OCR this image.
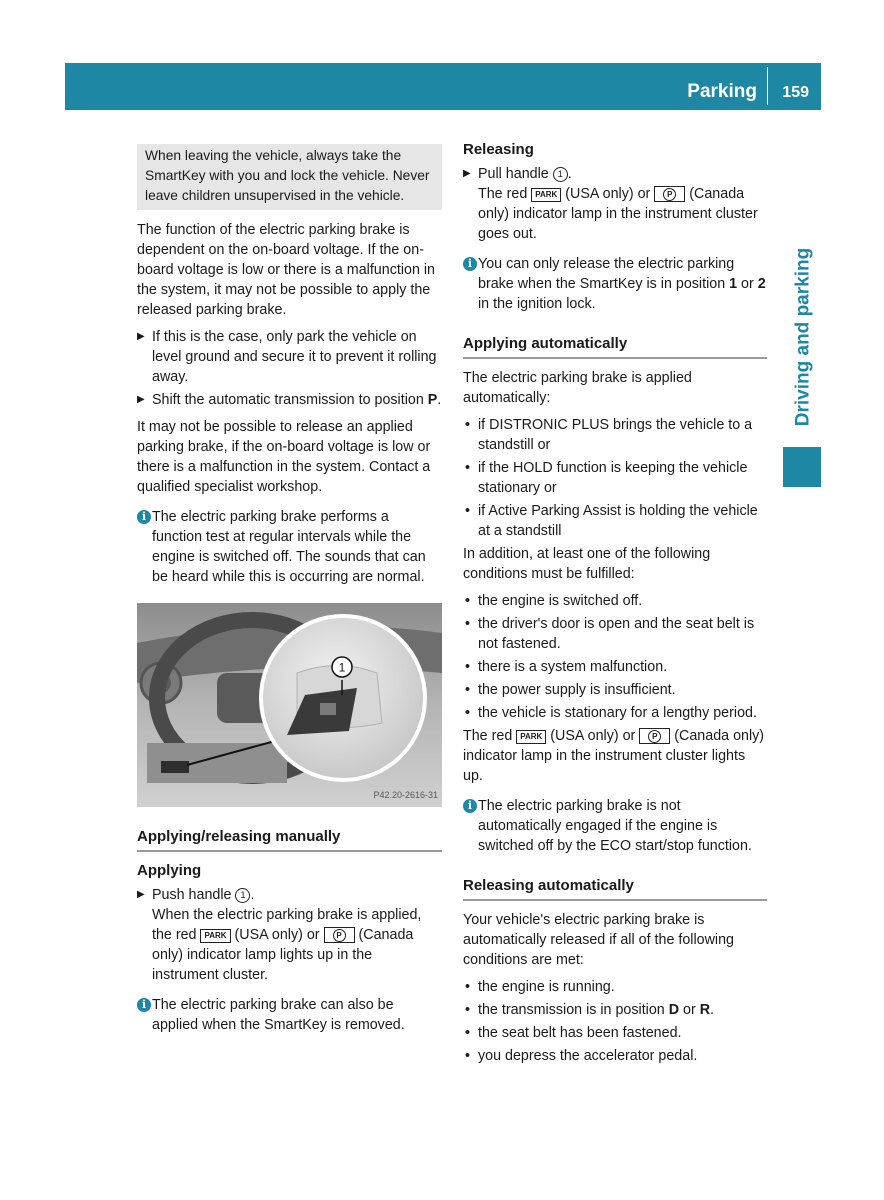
Parking 159
Driving and parking
When leaving the vehicle, always take the SmartKey with you and lock the vehicle. Never leave children unsupervised in the vehicle.

The function of the electric parking brake is dependent on the on-board voltage. If the on-board voltage is low or there is a malfunction in the system, it may not be possible to apply the released parking brake.

▶ If this is the case, only park the vehicle on level ground and secure it to prevent it rolling away.
▶ Shift the automatic transmission to position P.

It may not be possible to release an applied parking brake, if the on-board voltage is low or there is a malfunction in the system. Contact a qualified specialist workshop.

i The electric parking brake performs a function test at regular intervals while the engine is switched off. The sounds that can be heard while this is occurring are normal.
1
P42.20-2616-31
Applying/releasing manually
Applying
▶ Push handle 1 .
When the electric parking brake is applied, the red PARK (USA only) or P (Canada only) indicator lamp lights up in the instrument cluster.
i The electric parking brake can also be applied when the SmartKey is removed.
Releasing
▶ Pull handle 1 .
The red PARK (USA only) or P (Canada only) indicator lamp in the instrument cluster goes out.
i You can only release the electric parking brake when the SmartKey is in position 1 or 2 in the ignition lock.
Applying automatically

The electric parking brake is applied automatically:

• if DISTRONIC PLUS brings the vehicle to a standstill or
• if the HOLD function is keeping the vehicle stationary or
• if Active Parking Assist is holding the vehicle at a standstill

In addition, at least one of the following conditions must be fulfilled:

• the engine is switched off.
• the driver's door is open and the seat belt is not fastened.
• there is a system malfunction.
• the power supply is insufficient.
• the vehicle is stationary for a lengthy period.

The red PARK (USA only) or P (Canada only) indicator lamp in the instrument cluster lights up.

i The electric parking brake is not automatically engaged if the engine is switched off by the ECO start/stop function.
Releasing automatically

Your vehicle's electric parking brake is automatically released if all of the following conditions are met:

• the engine is running.
• the transmission is in position D or R.
• the seat belt has been fastened.
• you depress the accelerator pedal.
